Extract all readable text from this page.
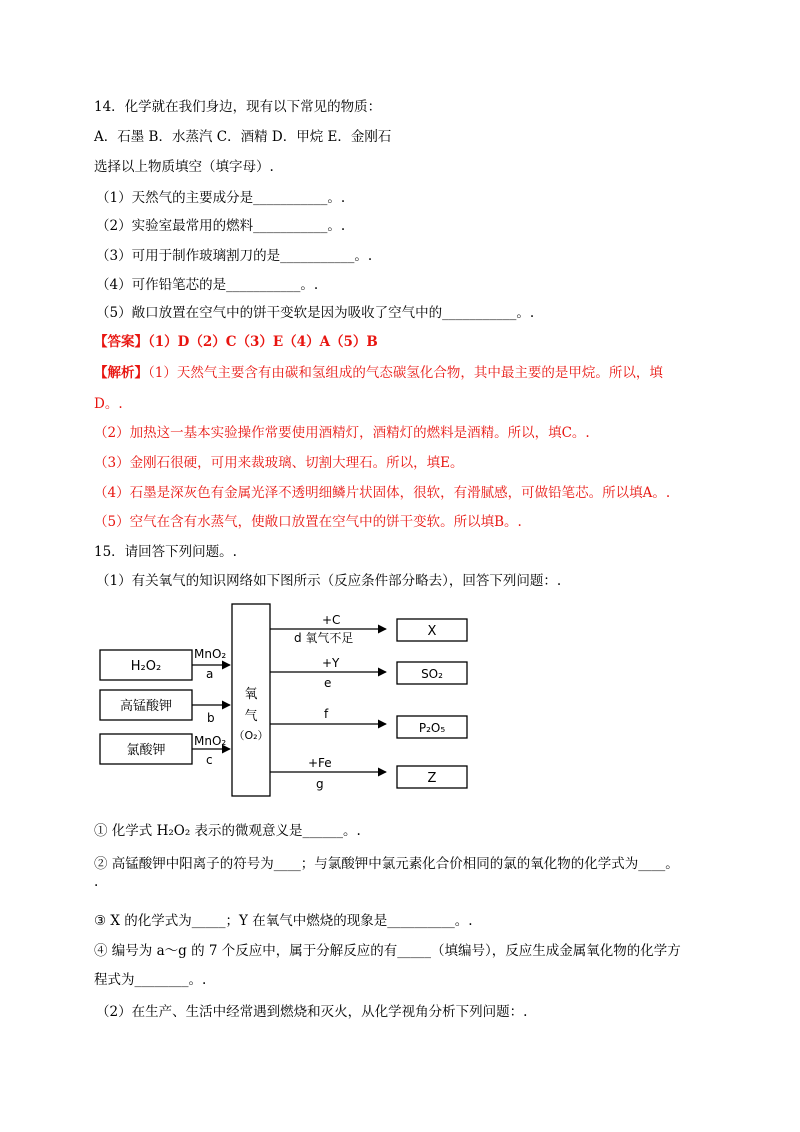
14．化学就在我们身边，现有以下常见的物质：
A．石墨 B．水蒸汽 C．酒精 D．甲烷 E．金刚石
选择以上物质填空（填字母）.
（1）天然气的主要成分是___________。.
（2）实验室最常用的燃料___________。.
（3）可用于制作玻璃割刀的是___________。.
（4）可作铅笔芯的是___________。.
（5）敞口放置在空气中的饼干变软是因为吸收了空气中的___________。.
【答案】（1）D（2）C（3）E（4）A（5）B
【解析】（1）天然气主要含有由碳和氢组成的气态碳氢化合物，其中最主要的是甲烷。所以，填
D。.
（2）加热这一基本实验操作常要使用酒精灯，酒精灯的燃料是酒精。所以，填C。.
（3）金刚石很硬，可用来裁玻璃、切割大理石。所以，填E。
（4）石墨是深灰色有金属光泽不透明细鳞片状固体，很软，有滑腻感，可做铅笔芯。所以填A。.
（5）空气在含有水蒸气，使敞口放置在空气中的饼干变软。所以填B。.
15．请回答下列问题。.
（1）有关氧气的知识网络如下图所示（反应条件部分略去），回答下列问题：.
H₂O₂
高锰酸钾
氯酸钾
MnO₂
a
b
MnO₂
c
氧
气
（O₂）
+C
d 氧气不足
+Y
e
f
+Fe
g
X
SO₂
P₂O₅
Z
① 化学式 H₂O₂ 表示的微观意义是______。.
② 高锰酸钾中阳离子的符号为____；与氯酸钾中氯元素化合价相同的氯的氧化物的化学式为____。
.
③ X 的化学式为_____；Y 在氧气中燃烧的现象是__________。.
④ 编号为 a～g 的 7 个反应中，属于分解反应的有_____（填编号），反应生成金属氧化物的化学方
程式为________。.
（2）在生产、生活中经常遇到燃烧和灭火，从化学视角分析下列问题：.
